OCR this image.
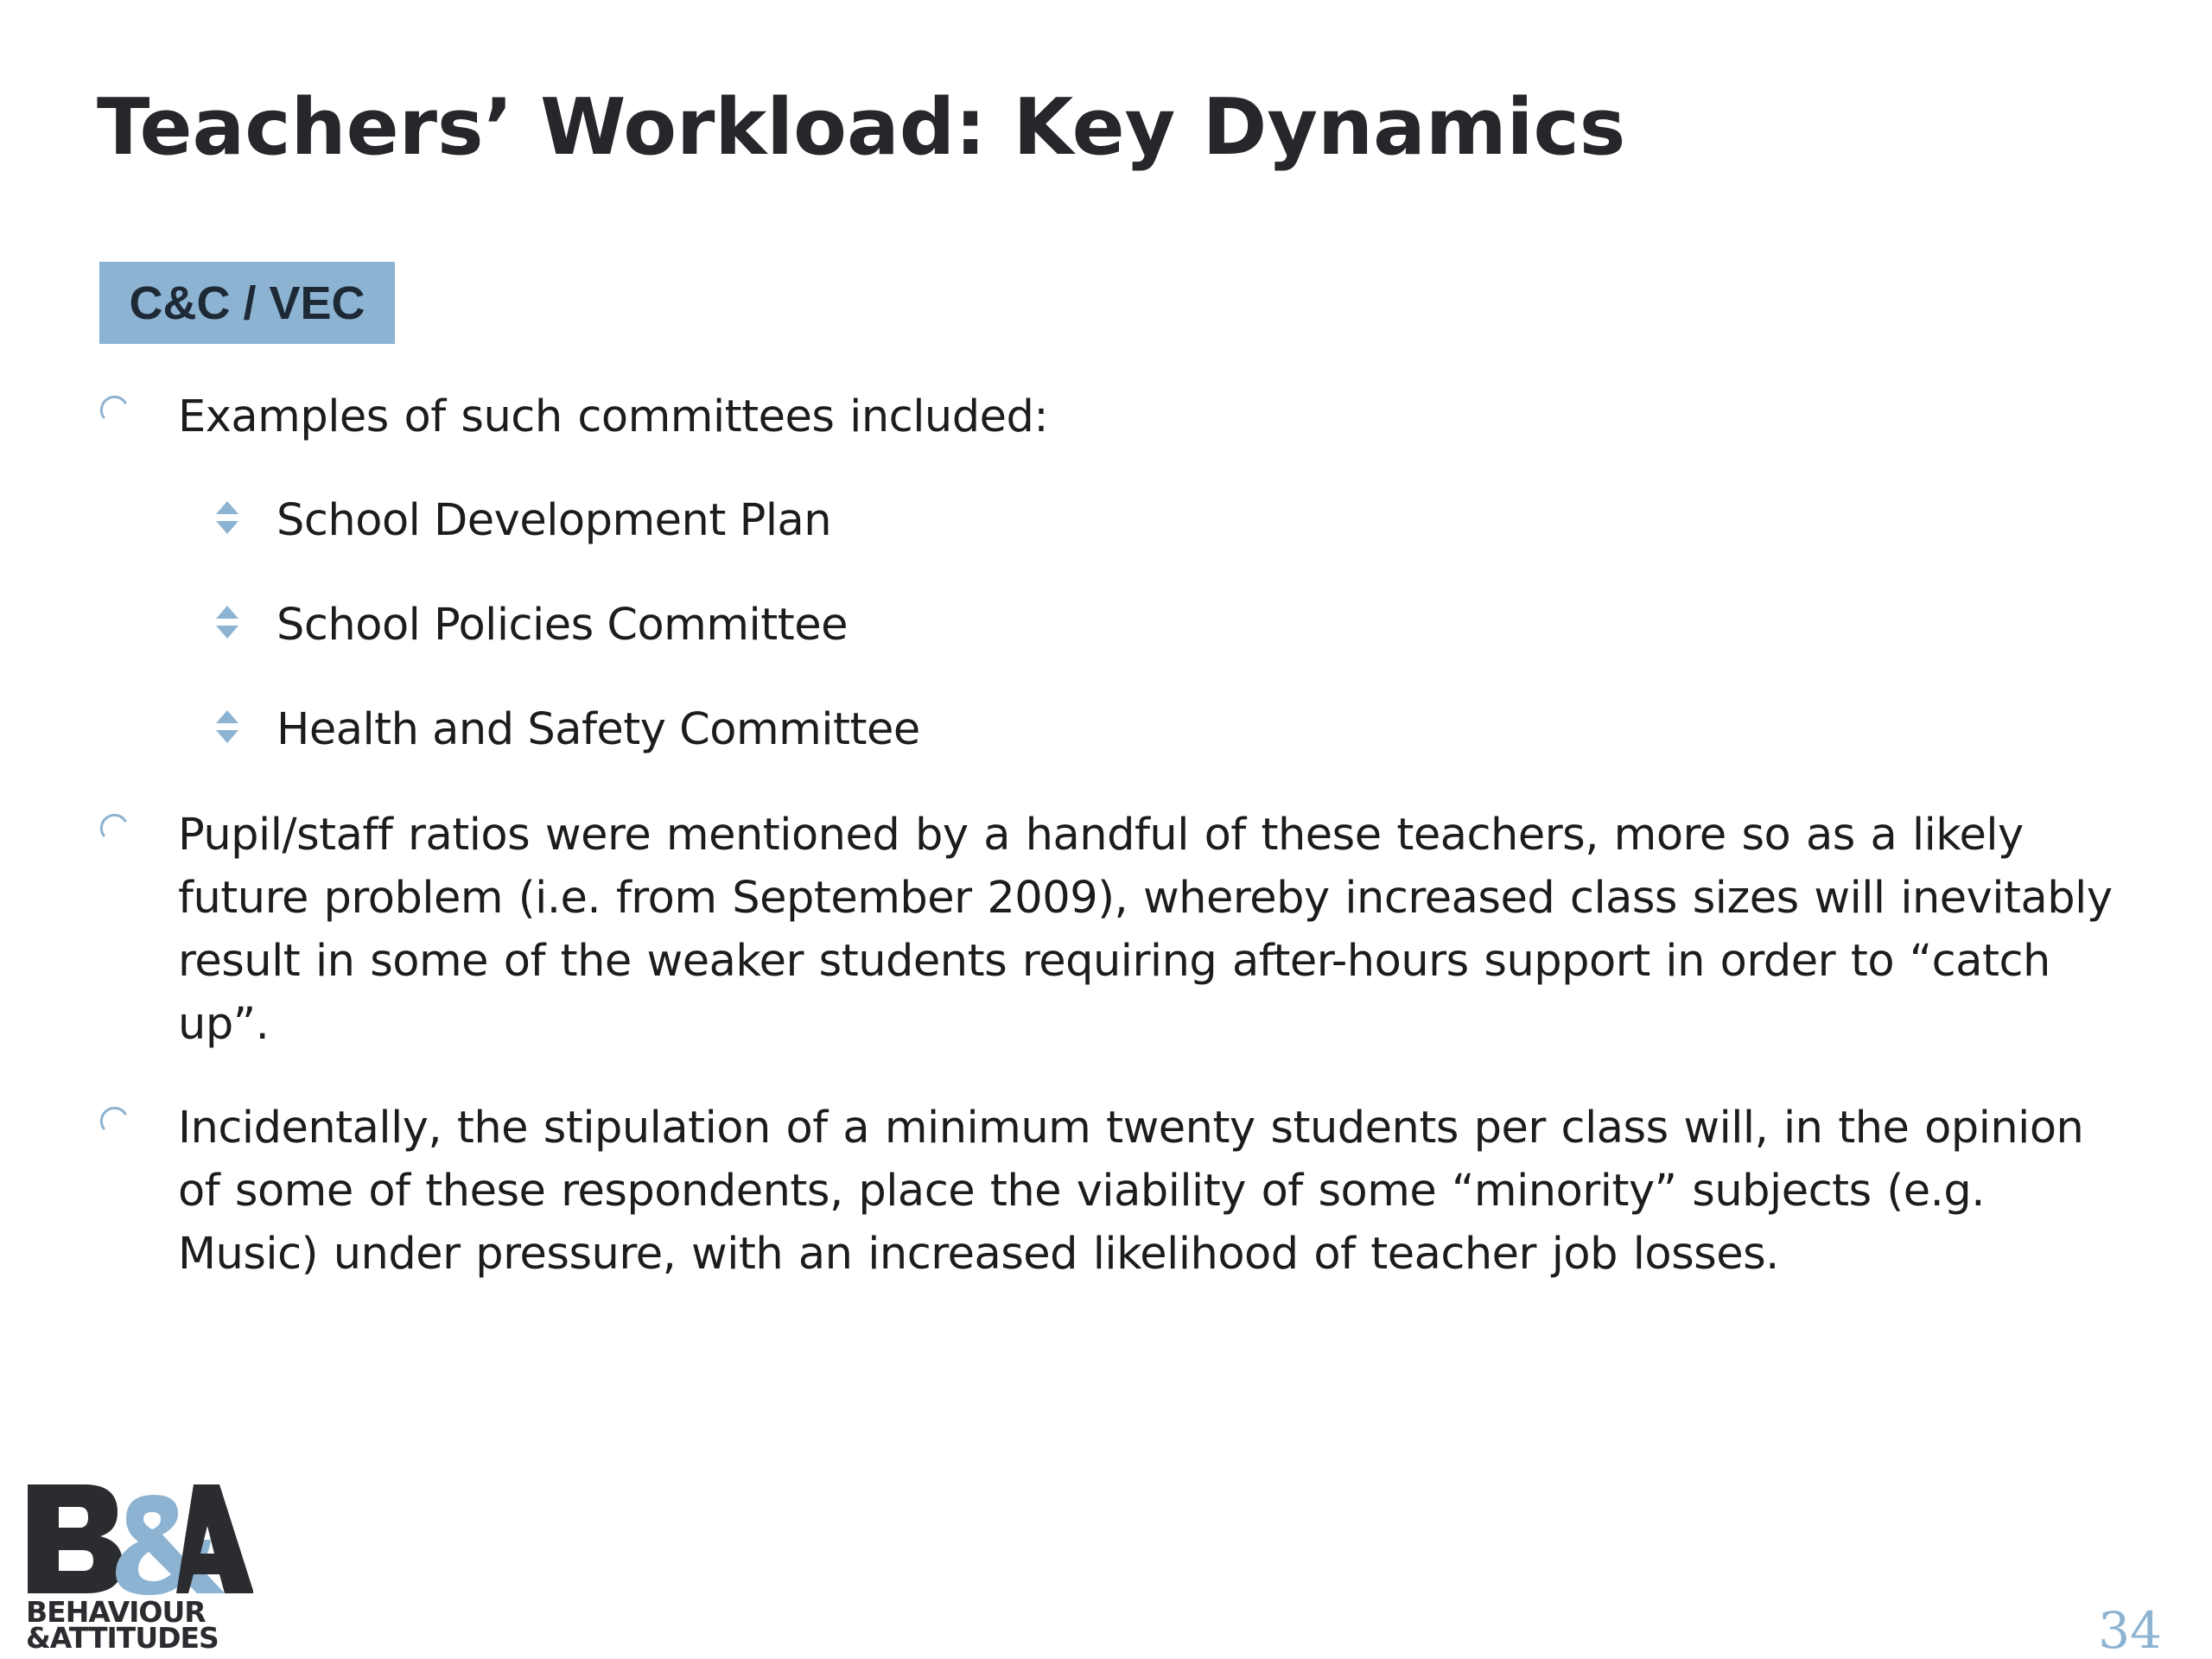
Teachers’ Workload: Key Dynamics
C&C / VEC
Examples of such committees included:
School Development Plan
School Policies Committee
Health and Safety Committee
Pupil/staff ratios were mentioned by a handful of these teachers, more so as a likely future problem (i.e. from September 2009), whereby increased class sizes will inevitably result in some of the weaker students requiring after-hours support in order to “catch up”.
Incidentally, the stipulation of a minimum twenty students per class will, in the opinion of some of these respondents, place the viability of some “minority” subjects (e.g. Music) under pressure, with an increased likelihood of teacher job losses.
BEHAVIOUR
&ATTITUDES	34
